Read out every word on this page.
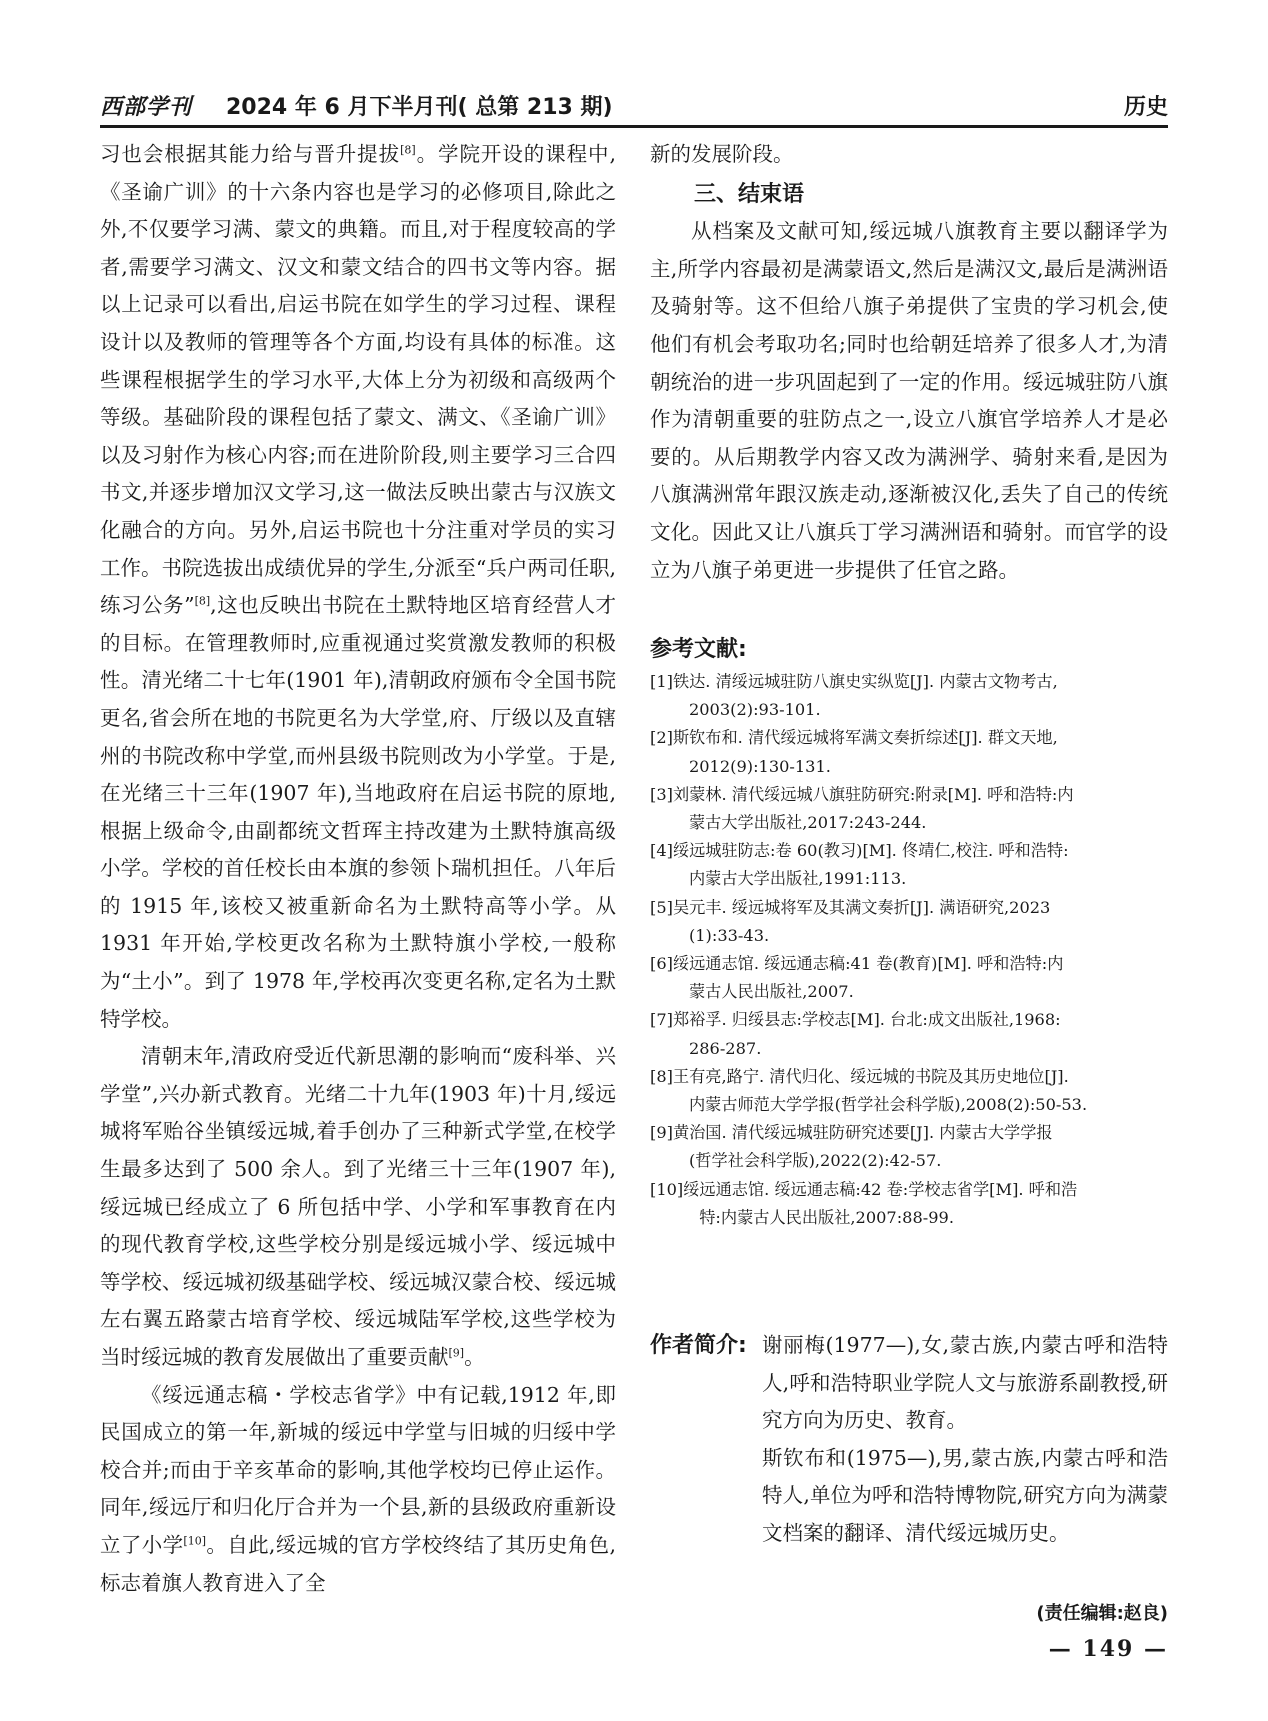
西部学刊 2024 年 6 月下半月刊( 总第 213 期)	历史

习也会根据其能力给与晋升提拔[8]。学院开设的课程中,《圣谕广训》的十六条内容也是学习的必修项目,除此之外,不仅要学习满、蒙文的典籍。而且,对于程度较高的学者,需要学习满文、汉文和蒙文结合的四书文等内容。据以上记录可以看出,启运书院在如学生的学习过程、课程设计以及教师的管理等各个方面,均设有具体的标准。这些课程根据学生的学习水平,大体上分为初级和高级两个等级。基础阶段的课程包括了蒙文、满文、《圣谕广训》以及习射作为核心内容;而在进阶阶段,则主要学习三合四书文,并逐步增加汉文学习,这一做法反映出蒙古与汉族文化融合的方向。另外,启运书院也十分注重对学员的实习工作。书院选拔出成绩优异的学生,分派至“兵户两司任职,练习公务”[8],这也反映出书院在土默特地区培育经营人才的目标。在管理教师时,应重视通过奖赏激发教师的积极性。清光绪二十七年(1901 年),清朝政府颁布令全国书院更名,省会所在地的书院更名为大学堂,府、厅级以及直辖州的书院改称中学堂,而州县级书院则改为小学堂。于是,在光绪三十三年(1907 年),当地政府在启运书院的原地,根据上级命令,由副都统文哲珲主持改建为土默特旗高级小学。学校的首任校长由本旗的参领卜瑞机担任。八年后的 1915 年,该校又被重新命名为土默特高等小学。从 1931 年开始,学校更改名称为土默特旗小学校,一般称为“土小”。到了 1978 年,学校再次变更名称,定名为土默特学校。

清朝末年,清政府受近代新思潮的影响而“废科举、兴学堂”,兴办新式教育。光绪二十九年(1903 年)十月,绥远城将军贻谷坐镇绥远城,着手创办了三种新式学堂,在校学生最多达到了 500 余人。到了光绪三十三年(1907 年),绥远城已经成立了 6 所包括中学、小学和军事教育在内的现代教育学校,这些学校分别是绥远城小学、绥远城中等学校、绥远城初级基础学校、绥远城汉蒙合校、绥远城左右翼五路蒙古培育学校、绥远城陆军学校,这些学校为当时绥远城的教育发展做出了重要贡献[9]。

《绥远通志稿・学校志省学》中有记载,1912 年,即民国成立的第一年,新城的绥远中学堂与旧城的归绥中学校合并;而由于辛亥革命的影响,其他学校均已停止运作。同年,绥远厅和归化厅合并为一个县,新的县级政府重新设立了小学[10]。自此,绥远城的官方学校终结了其历史角色,标志着旗人教育进入了全

新的发展阶段。

三、结束语

从档案及文献可知,绥远城八旗教育主要以翻译学为主,所学内容最初是满蒙语文,然后是满汉文,最后是满洲语及骑射等。这不但给八旗子弟提供了宝贵的学习机会,使他们有机会考取功名;同时也给朝廷培养了很多人才,为清朝统治的进一步巩固起到了一定的作用。绥远城驻防八旗作为清朝重要的驻防点之一,设立八旗官学培养人才是必要的。从后期教学内容又改为满洲学、骑射来看,是因为八旗满洲常年跟汉族走动,逐渐被汉化,丢失了自己的传统文化。因此又让八旗兵丁学习满洲语和骑射。而官学的设立为八旗子弟更进一步提供了任官之路。

参考文献:
[1] 铁达. 清绥远城驻防八旗史实纵览[J]. 内蒙古文物考古,
2003(2):93-101.
[2] 斯钦布和. 清代绥远城将军满文奏折综述[J]. 群文天地,
2012(9):130-131.
[3] 刘蒙林. 清代绥远城八旗驻防研究:附录[M]. 呼和浩特:内
蒙古大学出版社,2017:243-244.
[4] 绥远城驻防志:卷 60(教习)[M]. 佟靖仁,校注. 呼和浩特:
内蒙古大学出版社,1991:113.
[5] 吴元丰. 绥远城将军及其满文奏折[J]. 满语研究,2023
(1):33-43.
[6] 绥远通志馆. 绥远通志稿:41 卷(教育)[M]. 呼和浩特:内
蒙古人民出版社,2007.
[7] 郑裕孚. 归绥县志:学校志[M]. 台北:成文出版社,1968:
286-287.
[8] 王有亮,路宁. 清代归化、绥远城的书院及其历史地位[J].
内蒙古师范大学学报(哲学社会科学版),2008(2):50-53.
[9] 黄治国. 清代绥远城驻防研究述要[J]. 内蒙古大学学报
(哲学社会科学版),2022(2):42-57.
[10] 绥远通志馆. 绥远通志稿:42 卷:学校志省学[M]. 呼和浩
特:内蒙古人民出版社,2007:88-99.
作者简介: 谢丽梅(1977—),女,蒙古族,内蒙古呼和浩特人,呼和浩特职业学院人文与旅游系副教授,研究方向为历史、教育。

斯钦布和(1975—),男,蒙古族,内蒙古呼和浩特人,单位为呼和浩特博物院,研究方向为满蒙文档案的翻译、清代绥远城历史。

(责任编辑:赵良)
— 149 —
